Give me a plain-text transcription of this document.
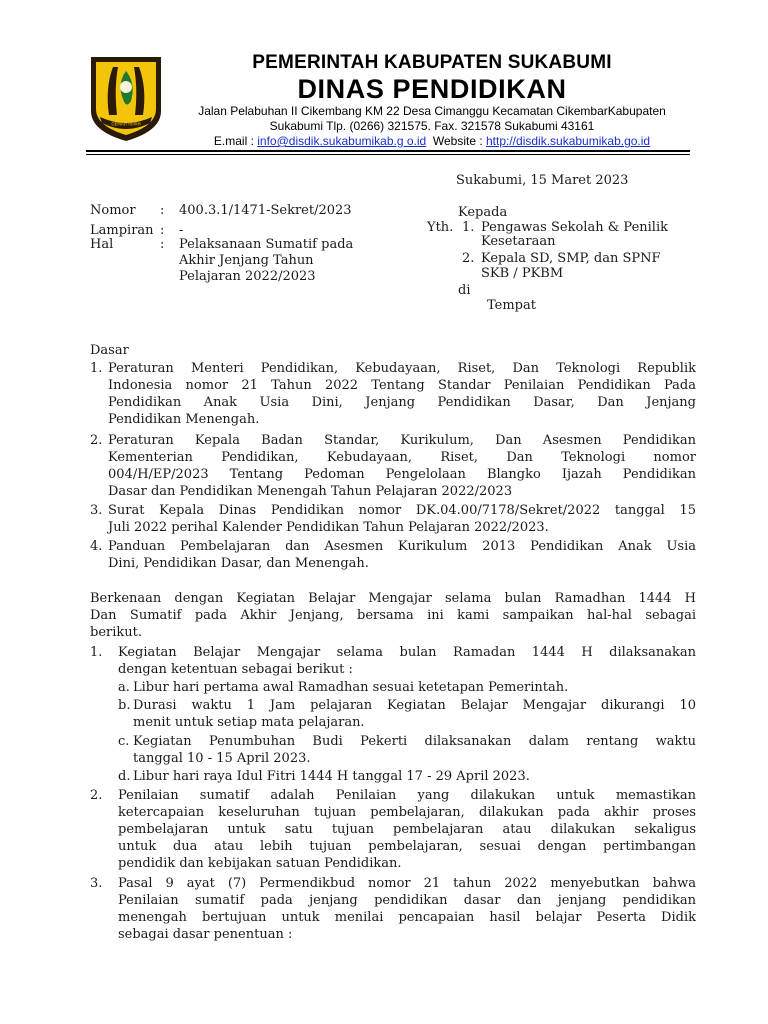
GEMAH RIPAH
PEMERINTAH KABUPATEN SUKABUMI
DINAS PENDIDIKAN
Jalan Pelabuhan II Cikembang KM 22 Desa Cimanggu Kecamatan CikembarKabupaten
Sukabumi Tlp. (0266) 321575. Fax. 321578 Sukabumi 43161
E.mail : info@disdik.sukabumikab.g o.id  Website : http://disdik.sukabumikab.go.id
Sukabumi, 15 Maret 2023
Nomor : 400.3.1/1471-Sekret/2023
Lampiran : -
Hal	: Pelaksanaan Sumatif pada
Akhir Jenjang Tahun
Pelajaran 2022/2023
Kepada
Yth. 1. Pengawas Sekolah & Penilik
Kesetaraan
2. Kepala SD, SMP, dan SPNF
SKB / PKBM
di
Tempat
Dasar
1. Peraturan Menteri Pendidikan, Kebudayaan, Riset, Dan Teknologi Republik
Indonesia nomor 21 Tahun 2022 Tentang Standar Penilaian Pendidikan Pada
Pendidikan Anak Usia Dini, Jenjang Pendidikan Dasar, Dan Jenjang
Pendidikan Menengah.
2. Peraturan Kepala Badan Standar, Kurikulum, Dan Asesmen Pendidikan
Kementerian Pendidikan, Kebudayaan, Riset, Dan Teknologi nomor
004/H/EP/2023 Tentang Pedoman Pengelolaan Blangko Ijazah Pendidikan
Dasar dan Pendidikan Menengah Tahun Pelajaran 2022/2023
3. Surat Kepala Dinas Pendidikan nomor DK.04.00/7178/Sekret/2022 tanggal 15
Juli 2022 perihal Kalender Pendidikan Tahun Pelajaran 2022/2023.
4. Panduan Pembelajaran dan Asesmen Kurikulum 2013 Pendidikan Anak Usia
Dini, Pendidikan Dasar, dan Menengah.
Berkenaan dengan Kegiatan Belajar Mengajar selama bulan Ramadhan 1444 H
Dan Sumatif pada Akhir Jenjang, bersama ini kami sampaikan hal-hal sebagai
berikut.
1. Kegiatan Belajar Mengajar selama bulan Ramadan 1444 H dilaksanakan
dengan ketentuan sebagai berikut :
a. Libur hari pertama awal Ramadhan sesuai ketetapan Pemerintah.
b. Durasi waktu 1 Jam pelajaran Kegiatan Belajar Mengajar dikurangi 10
menit untuk setiap mata pelajaran.
c. Kegiatan Penumbuhan Budi Pekerti dilaksanakan dalam rentang waktu
tanggal 10 - 15 April 2023.
d. Libur hari raya Idul Fitri 1444 H tanggal 17 - 29 April 2023.
2. Penilaian sumatif adalah Penilaian yang dilakukan untuk memastikan
ketercapaian keseluruhan tujuan pembelajaran, dilakukan pada akhir proses
pembelajaran untuk satu tujuan pembelajaran atau dilakukan sekaligus
untuk dua atau lebih tujuan pembelajaran, sesuai dengan pertimbangan
pendidik dan kebijakan satuan Pendidikan.
3. Pasal 9 ayat (7) Permendikbud nomor 21 tahun 2022 menyebutkan bahwa
Penilaian sumatif pada jenjang pendidikan dasar dan jenjang pendidikan
menengah bertujuan untuk menilai pencapaian hasil belajar Peserta Didik
sebagai dasar penentuan :
